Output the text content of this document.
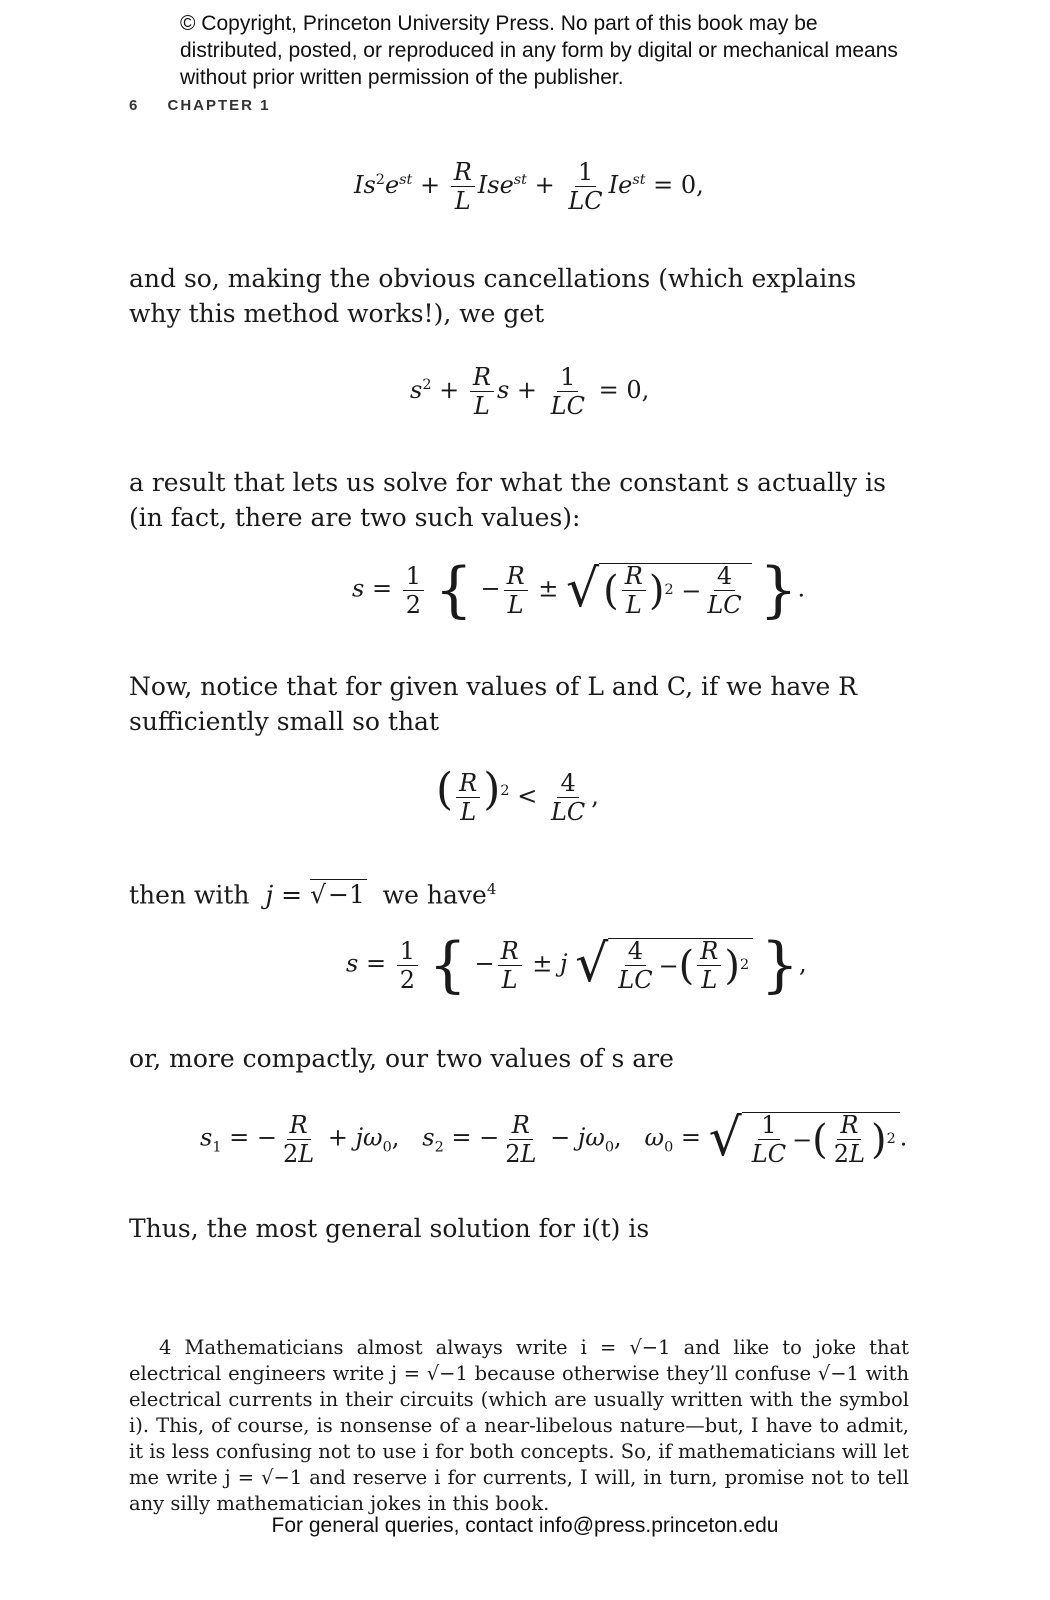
© Copyright, Princeton University Press. No part of this book may be distributed, posted, or reproduced in any form by digital or mechanical means without prior written permission of the publisher.
6 CHAPTER 1
$Is^2e^{st} + \frac{R}{L} Ise^{st} + \frac{1}{LC} Ie^{st} = 0$,
and so, making the obvious cancellations (which explains why this method works!), we get
$s^2 + \frac{R}{L}$ $s + \frac{1}{LC} = 0$,
a result that lets us solve for what the constant s actually is (in fact, there are two such values):
$s = \frac{1}{2}$ { − $\frac{R}{L}$ ± √ ( $\frac{R}{L}$ ) $2 - \frac{4}{LC}$ }.
Now, notice that for given values of L and C, if we have R sufficiently small so that
( $\frac{R}{L} )^2 < \frac{4}{LC}$ ,
then with j = √−1 we have$^4$
$s = \frac{1}{2}$ { − $\frac{R}{L} \pm j$ √ $\frac{4}{LC}$ − ( $\frac{R}{L}$ ) 2 },
or, more compactly, our two values of s are
$s_1$ = − $\frac{R}{2L} + j\omega_0$,   $s_2$ = − $\frac{R}{2L} - j\omega_0$,   $\omega_0$ = √ $\frac{1}{LC}$ − ( $\frac{R}{2L}$ ) 2 .
Thus, the most general solution for i(t) is
4 Mathematicians almost always write i = √−1 and like to joke that electrical engineers write j = √−1 because otherwise they’ll confuse √−1 with electrical currents in their circuits (which are usually written with the symbol i). This, of course, is nonsense of a near-libelous nature—but, I have to admit, it is less confusing not to use i for both concepts. So, if mathematicians will let me write j = √−1 and reserve i for currents, I will, in turn, promise not to tell any silly mathematician jokes in this book.
For general queries, contact info@press.princeton.edu
